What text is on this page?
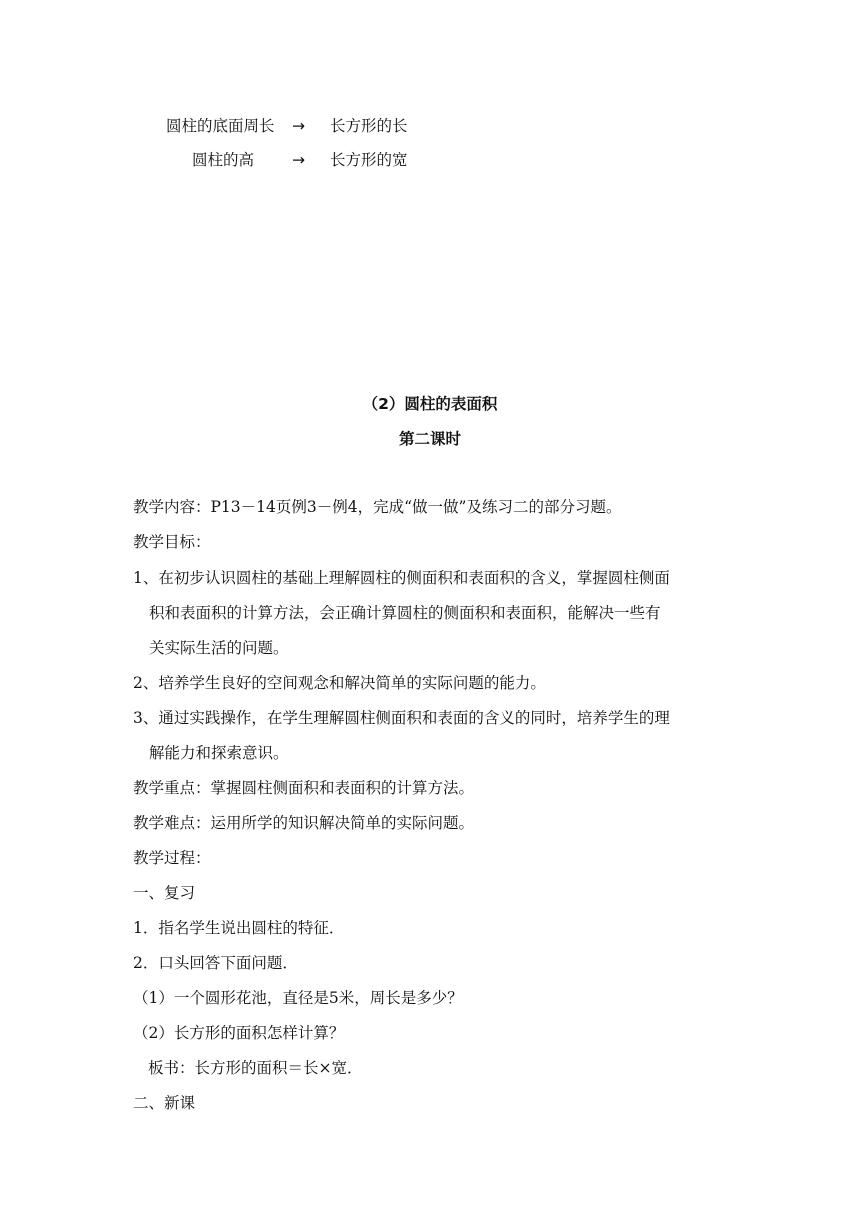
圆柱的底面周长 → 长方形的长
圆柱的高 → 长方形的宽
（2）圆柱的表面积
第二课时
教学内容：P13－14页例3－例4，完成“做一做”及练习二的部分习题。
教学目标：
1、在初步认识圆柱的基础上理解圆柱的侧面积和表面积的含义，掌握圆柱侧面
积和表面积的计算方法，会正确计算圆柱的侧面积和表面积，能解决一些有
关实际生活的问题。
2、培养学生良好的空间观念和解决简单的实际问题的能力。
3、通过实践操作，在学生理解圆柱侧面积和表面的含义的同时，培养学生的理
解能力和探索意识。
教学重点：掌握圆柱侧面积和表面积的计算方法。
教学难点：运用所学的知识解决简单的实际问题。
教学过程：
一、复习
1．指名学生说出圆柱的特征．
2．口头回答下面问题．
（1）一个圆形花池，直径是5米，周长是多少？
（2）长方形的面积怎样计算？
板书：长方形的面积＝长×宽．
二、新课
